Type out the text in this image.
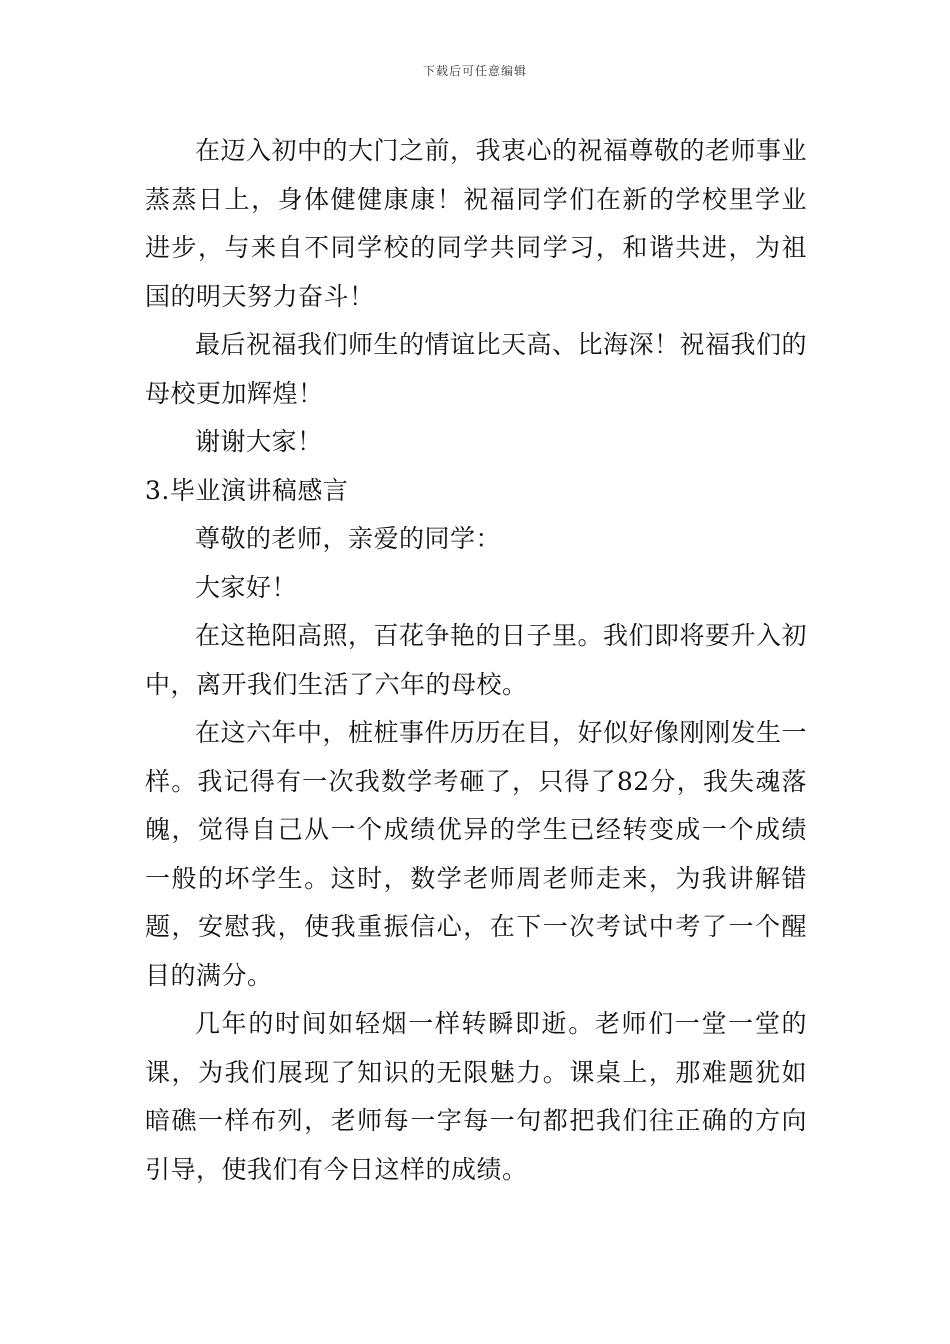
下载后可任意编辑

在迈入初中的大门之前，我衷心的祝福尊敬的老师事业蒸蒸日上，身体健健康康！祝福同学们在新的学校里学业进步，与来自不同学校的同学共同学习，和谐共进，为祖国的明天努力奋斗！

最后祝福我们师生的情谊比天高、比海深！祝福我们的母校更加辉煌！

谢谢大家！

3.毕业演讲稿感言

尊敬的老师，亲爱的同学：

大家好！

在这艳阳高照，百花争艳的日子里。我们即将要升入初中，离开我们生活了六年的母校。

在这六年中，桩桩事件历历在目，好似好像刚刚发生一样。我记得有一次我数学考砸了，只得了82分，我失魂落魄，觉得自己从一个成绩优异的学生已经转变成一个成绩一般的坏学生。这时，数学老师周老师走来，为我讲解错题，安慰我，使我重振信心，在下一次考试中考了一个醒目的满分。

几年的时间如轻烟一样转瞬即逝。老师们一堂一堂的课，为我们展现了知识的无限魅力。课桌上，那难题犹如暗礁一样布列，老师每一字每一句都把我们往正确的方向引导，使我们有今日这样的成绩。
